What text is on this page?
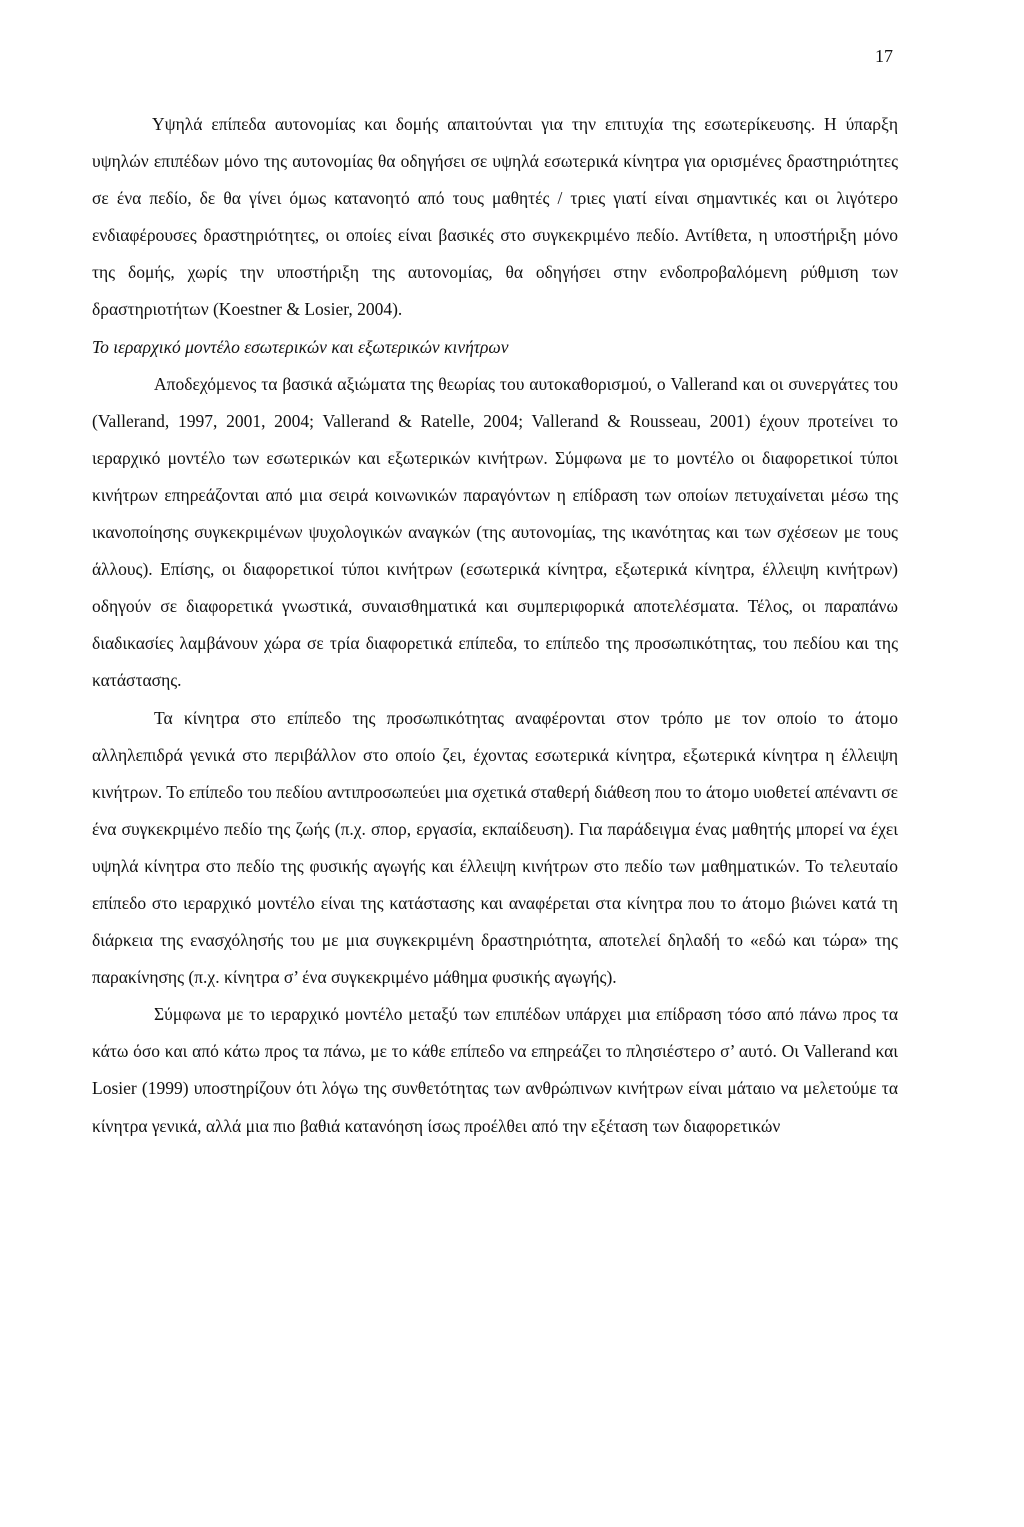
17

Υψηλά επίπεδα αυτονομίας και δομής απαιτούνται για την επιτυχία της εσωτερίκευσης. Η ύπαρξη υψηλών επιπέδων μόνο της αυτονομίας θα οδηγήσει σε υψηλά εσωτερικά κίνητρα για ορισμένες δραστηριότητες σε ένα πεδίο, δε θα γίνει όμως κατανοητό από τους μαθητές / τριες γιατί είναι σημαντικές και οι λιγότερο ενδιαφέρουσες δραστηριότητες, οι οποίες είναι βασικές στο συγκεκριμένο πεδίο. Αντίθετα, η υποστήριξη μόνο της δομής, χωρίς την υποστήριξη της αυτονομίας, θα οδηγήσει στην ενδοπροβαλόμενη ρύθμιση των δραστηριοτήτων (Koestner & Losier, 2004).

Το ιεραρχικό μοντέλο εσωτερικών και εξωτερικών κινήτρων

Αποδεχόμενος τα βασικά αξιώματα της θεωρίας του αυτοκαθορισμού, ο Vallerand και οι συνεργάτες του (Vallerand, 1997, 2001, 2004; Vallerand & Ratelle, 2004; Vallerand & Rousseau, 2001) έχουν προτείνει το ιεραρχικό μοντέλο των εσωτερικών και εξωτερικών κινήτρων. Σύμφωνα με το μοντέλο οι διαφορετικοί τύποι κινήτρων επηρεάζονται από μια σειρά κοινωνικών παραγόντων η επίδραση των οποίων πετυχαίνεται μέσω της ικανοποίησης συγκεκριμένων ψυχολογικών αναγκών (της αυτονομίας, της ικανότητας και των σχέσεων με τους άλλους). Επίσης, οι διαφορετικοί τύποι κινήτρων (εσωτερικά κίνητρα, εξωτερικά κίνητρα, έλλειψη κινήτρων) οδηγούν σε διαφορετικά γνωστικά, συναισθηματικά και συμπεριφορικά αποτελέσματα. Τέλος, οι παραπάνω διαδικασίες λαμβάνουν χώρα σε τρία διαφορετικά επίπεδα, το επίπεδο της προσωπικότητας, του πεδίου και της κατάστασης.

Τα κίνητρα στο επίπεδο της προσωπικότητας αναφέρονται στον τρόπο με τον οποίο το άτομο αλληλεπιδρά γενικά στο περιβάλλον στο οποίο ζει, έχοντας εσωτερικά κίνητρα, εξωτερικά κίνητρα η έλλειψη κινήτρων. Το επίπεδο του πεδίου αντιπροσωπεύει μια σχετικά σταθερή διάθεση που το άτομο υιοθετεί απέναντι σε ένα συγκεκριμένο πεδίο της ζωής (π.χ. σπορ, εργασία, εκπαίδευση). Για παράδειγμα ένας μαθητής μπορεί να έχει υψηλά κίνητρα στο πεδίο της φυσικής αγωγής και έλλειψη κινήτρων στο πεδίο των μαθηματικών. Το τελευταίο επίπεδο στο ιεραρχικό μοντέλο είναι της κατάστασης και αναφέρεται στα κίνητρα που το άτομο βιώνει κατά τη διάρκεια της ενασχόλησής του με μια συγκεκριμένη δραστηριότητα, αποτελεί δηλαδή το «εδώ και τώρα» της παρακίνησης (π.χ. κίνητρα σ’ ένα συγκεκριμένο μάθημα φυσικής αγωγής).

Σύμφωνα με το ιεραρχικό μοντέλο μεταξύ των επιπέδων υπάρχει μια επίδραση τόσο από πάνω προς τα κάτω όσο και από κάτω προς τα πάνω, με το κάθε επίπεδο να επηρεάζει το πλησιέστερο σ’ αυτό. Οι Vallerand και Losier (1999) υποστηρίζουν ότι λόγω της συνθετότητας των ανθρώπινων κινήτρων είναι μάταιο να μελετούμε τα κίνητρα γενικά, αλλά μια πιο βαθιά κατανόηση ίσως προέλθει από την εξέταση των διαφορετικών
